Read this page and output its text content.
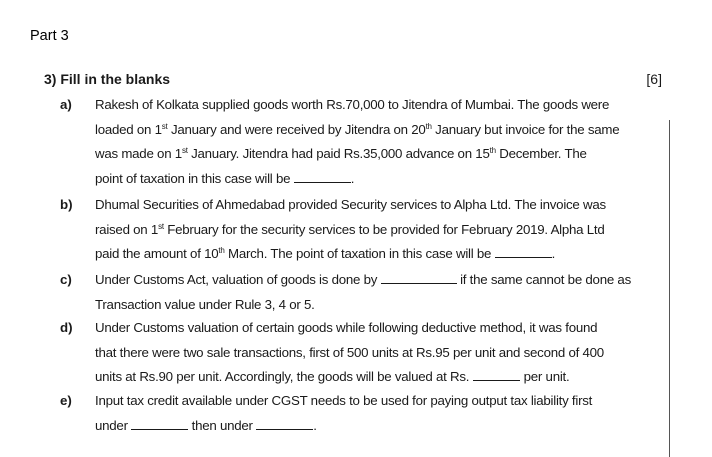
Part 3
3) Fill in the blanks	[6]
a)	Rakesh of Kolkata supplied goods worth Rs.70,000 to Jitendra of Mumbai. The goods were
loaded on 1st January and were received by Jitendra on 20th January but invoice for the same
was made on 1st January. Jitendra had paid Rs.35,000 advance on 15th December. The
point of taxation in this case will be	.
b)	Dhumal Securities of Ahmedabad provided Security services to Alpha Ltd. The invoice was
raised on 1st February for the security services to be provided for February 2019. Alpha Ltd
paid the amount of 10th March. The point of taxation in this case will be	.
c)	Under Customs Act, valuation of goods is done by	if the same cannot be done as
Transaction value under Rule 3, 4 or 5.
d)	Under Customs valuation of certain goods while following deductive method, it was found
that there were two sale transactions, first of 500 units at Rs.95 per unit and second of 400
units at Rs.90 per unit. Accordingly, the goods will be valued at Rs.	per unit.
e)	Input tax credit available under CGST needs to be used for paying output tax liability first
under	then under	.
